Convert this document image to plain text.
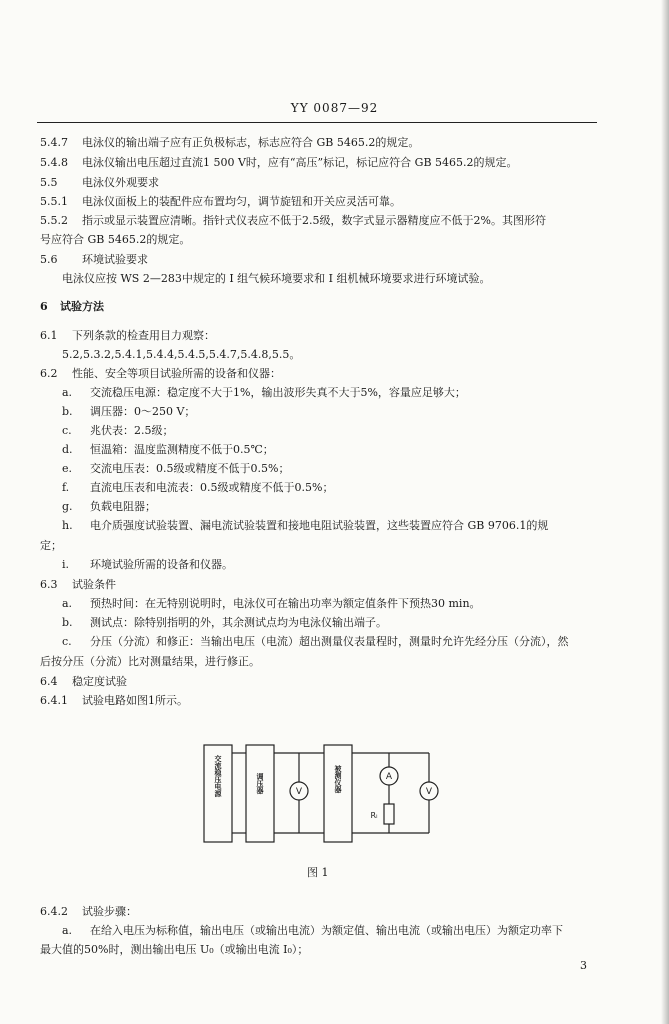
YY 0087—92
5.4.7 电泳仪的输出端子应有正负极标志，标志应符合 GB 5465.2的规定。
5.4.8 电泳仪输出电压超过直流1 500 V时，应有“高压”标记，标记应符合 GB 5465.2的规定。
5.5 电泳仪外观要求
5.5.1 电泳仪面板上的装配件应布置均匀，调节旋钮和开关应灵活可靠。
5.5.2 指示或显示装置应清晰。指针式仪表应不低于2.5级，数字式显示器精度应不低于2%。其图形符
号应符合 GB 5465.2的规定。
5.6 环境试验要求
电泳仪应按 WS 2—283中规定的 Ⅰ 组气候环境要求和 Ⅰ 组机械环境要求进行环境试验。
6 试验方法
6.1 下列条款的检查用目力观察：
5.2,5.3.2,5.4.1,5.4.4,5.4.5,5.4.7,5.4.8,5.5。
6.2 性能、安全等项目试验所需的设备和仪器：
a. 交流稳压电源：稳定度不大于1%，输出波形失真不大于5%，容量应足够大；
b. 调压器：0～250 V；
c. 兆伏表：2.5级；
d. 恒温箱：温度监测精度不低于0.5℃；
e. 交流电压表：0.5级或精度不低于0.5%；
f. 直流电压表和电流表：0.5级或精度不低于0.5%；
g. 负载电阻器；
h. 电介质强度试验装置、漏电流试验装置和接地电阻试验装置，这些装置应符合 GB 9706.1的规
定；
i. 环境试验所需的设备和仪器。
6.3 试验条件
a. 预热时间：在无特别说明时，电泳仪可在输出功率为额定值条件下预热30 min。
b. 测试点：除特别指明的外，其余测试点均为电泳仪输出端子。
c. 分压（分流）和修正：当输出电压（电流）超出测量仪表量程时，测量时允许先经分压（分流），然
后按分压（分流）比对测量结果，进行修正。
6.4 稳定度试验
6.4.1 试验电路如图1所示。
V
A
V
Rₗ
交流稳压电源	调压器	被测仪器
图 1
6.4.2 试验步骤：
a. 在给入电压为标称值，输出电压（或输出电流）为额定值、输出电流（或输出电压）为额定功率下
最大值的50%时，测出输出电压 U₀（或输出电流 I₀）；
3
